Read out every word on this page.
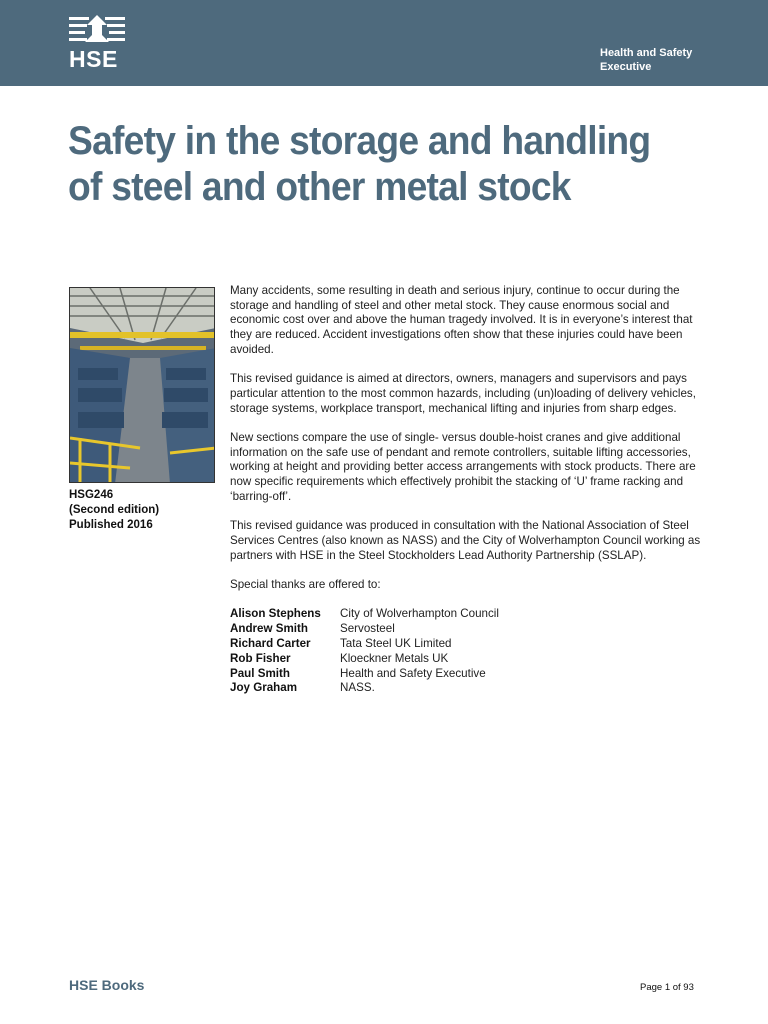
HSE	Health and Safety
Executive
Safety in the storage and handling of steel and other metal stock
HSG246
(Second edition)
Published 2016

Many accidents, some resulting in death and serious injury, continue to occur during the storage and handling of steel and other metal stock. They cause enormous social and economic cost over and above the human tragedy involved. It is in everyone’s interest that they are reduced. Accident investigations often show that these injuries could have been avoided.

This revised guidance is aimed at directors, owners, managers and supervisors and pays particular attention to the most common hazards, including (un)loading of delivery vehicles, storage systems, workplace transport, mechanical lifting and injuries from sharp edges.

New sections compare the use of single- versus double-hoist cranes and give additional information on the safe use of pendant and remote controllers, suitable lifting accessories, working at height and providing better access arrangements with stock products. There are now specific requirements which effectively prohibit the stacking of ‘U’ frame racking and ‘barring-off’.

This revised guidance was produced in consultation with the National Association of Steel Services Centres (also known as NASS) and the City of Wolverhampton Council working as partners with HSE in the Steel Stockholders Lead Authority Partnership (SSLAP).

Special thanks are offered to:

Alison Stephens	City of Wolverhampton Council
Andrew Smith	Servosteel
Richard Carter	Tata Steel UK Limited
Rob Fisher	Kloeckner Metals UK
Paul Smith	Health and Safety Executive
Joy Graham	NASS.
HSE Books	Page 1 of 93
